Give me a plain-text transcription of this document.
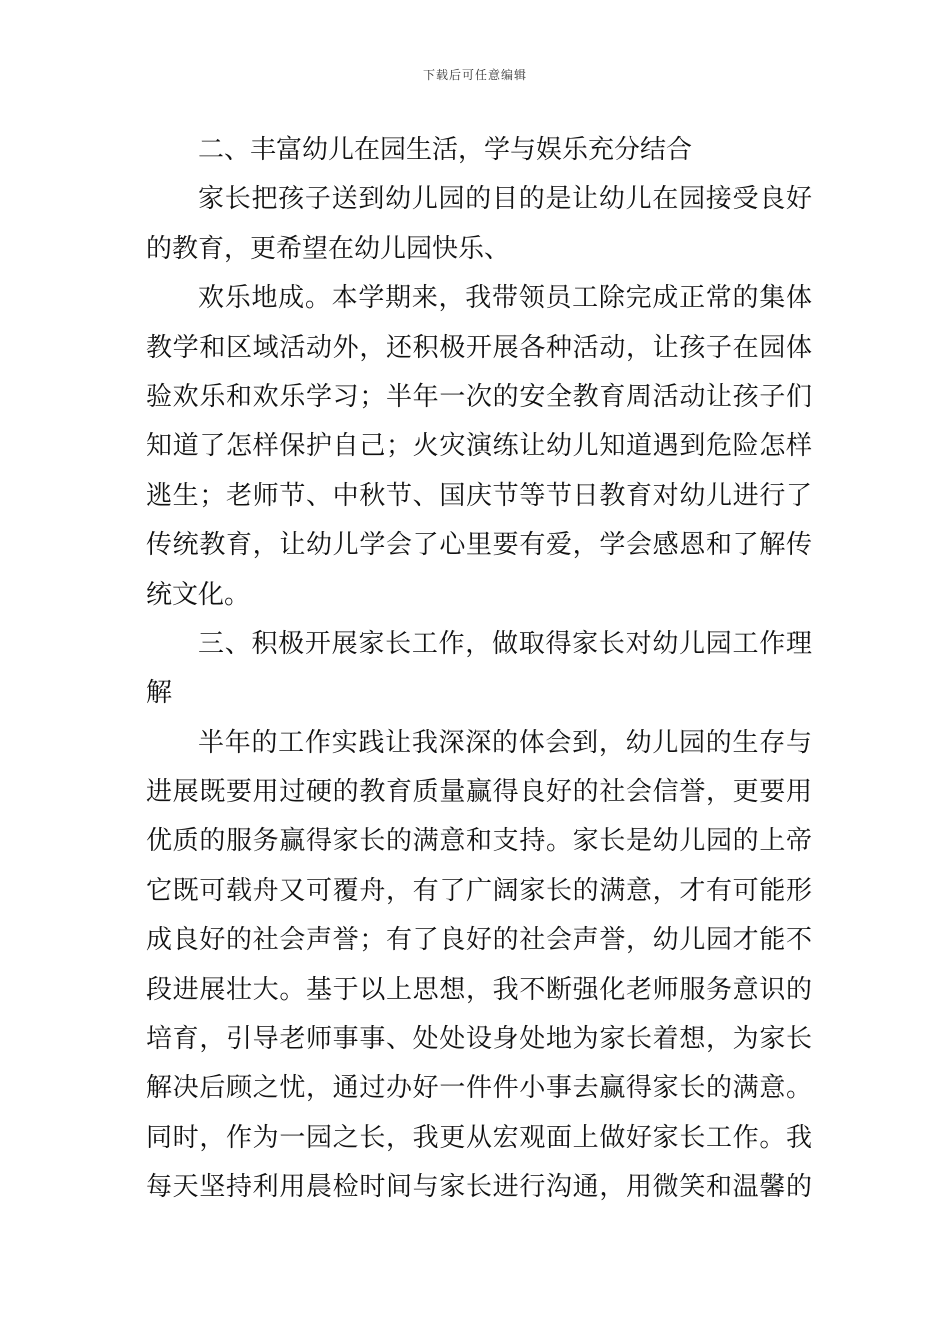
下载后可任意编辑
二、丰富幼儿在园生活，学与娱乐充分结合
家长把孩子送到幼儿园的目的是让幼儿在园接受良好
的教育，更希望在幼儿园快乐、
欢乐地成。本学期来，我带领员工除完成正常的集体
教学和区域活动外，还积极开展各种活动，让孩子在园体
验欢乐和欢乐学习；半年一次的安全教育周活动让孩子们
知道了怎样保护自己；火灾演练让幼儿知道遇到危险怎样
逃生；老师节、中秋节、国庆节等节日教育对幼儿进行了
传统教育，让幼儿学会了心里要有爱，学会感恩和了解传
统文化。
三、积极开展家长工作，做取得家长对幼儿园工作理
解
半年的工作实践让我深深的体会到，幼儿园的生存与
进展既要用过硬的教育质量赢得良好的社会信誉，更要用
优质的服务赢得家长的满意和支持。家长是幼儿园的上帝
它既可载舟又可覆舟，有了广阔家长的满意，才有可能形
成良好的社会声誉；有了良好的社会声誉，幼儿园才能不
段进展壮大。基于以上思想，我不断强化老师服务意识的
培育，引导老师事事、处处设身处地为家长着想，为家长
解决后顾之忧，通过办好一件件小事去赢得家长的满意。
同时，作为一园之长，我更从宏观面上做好家长工作。我
每天坚持利用晨检时间与家长进行沟通，用微笑和温馨的
